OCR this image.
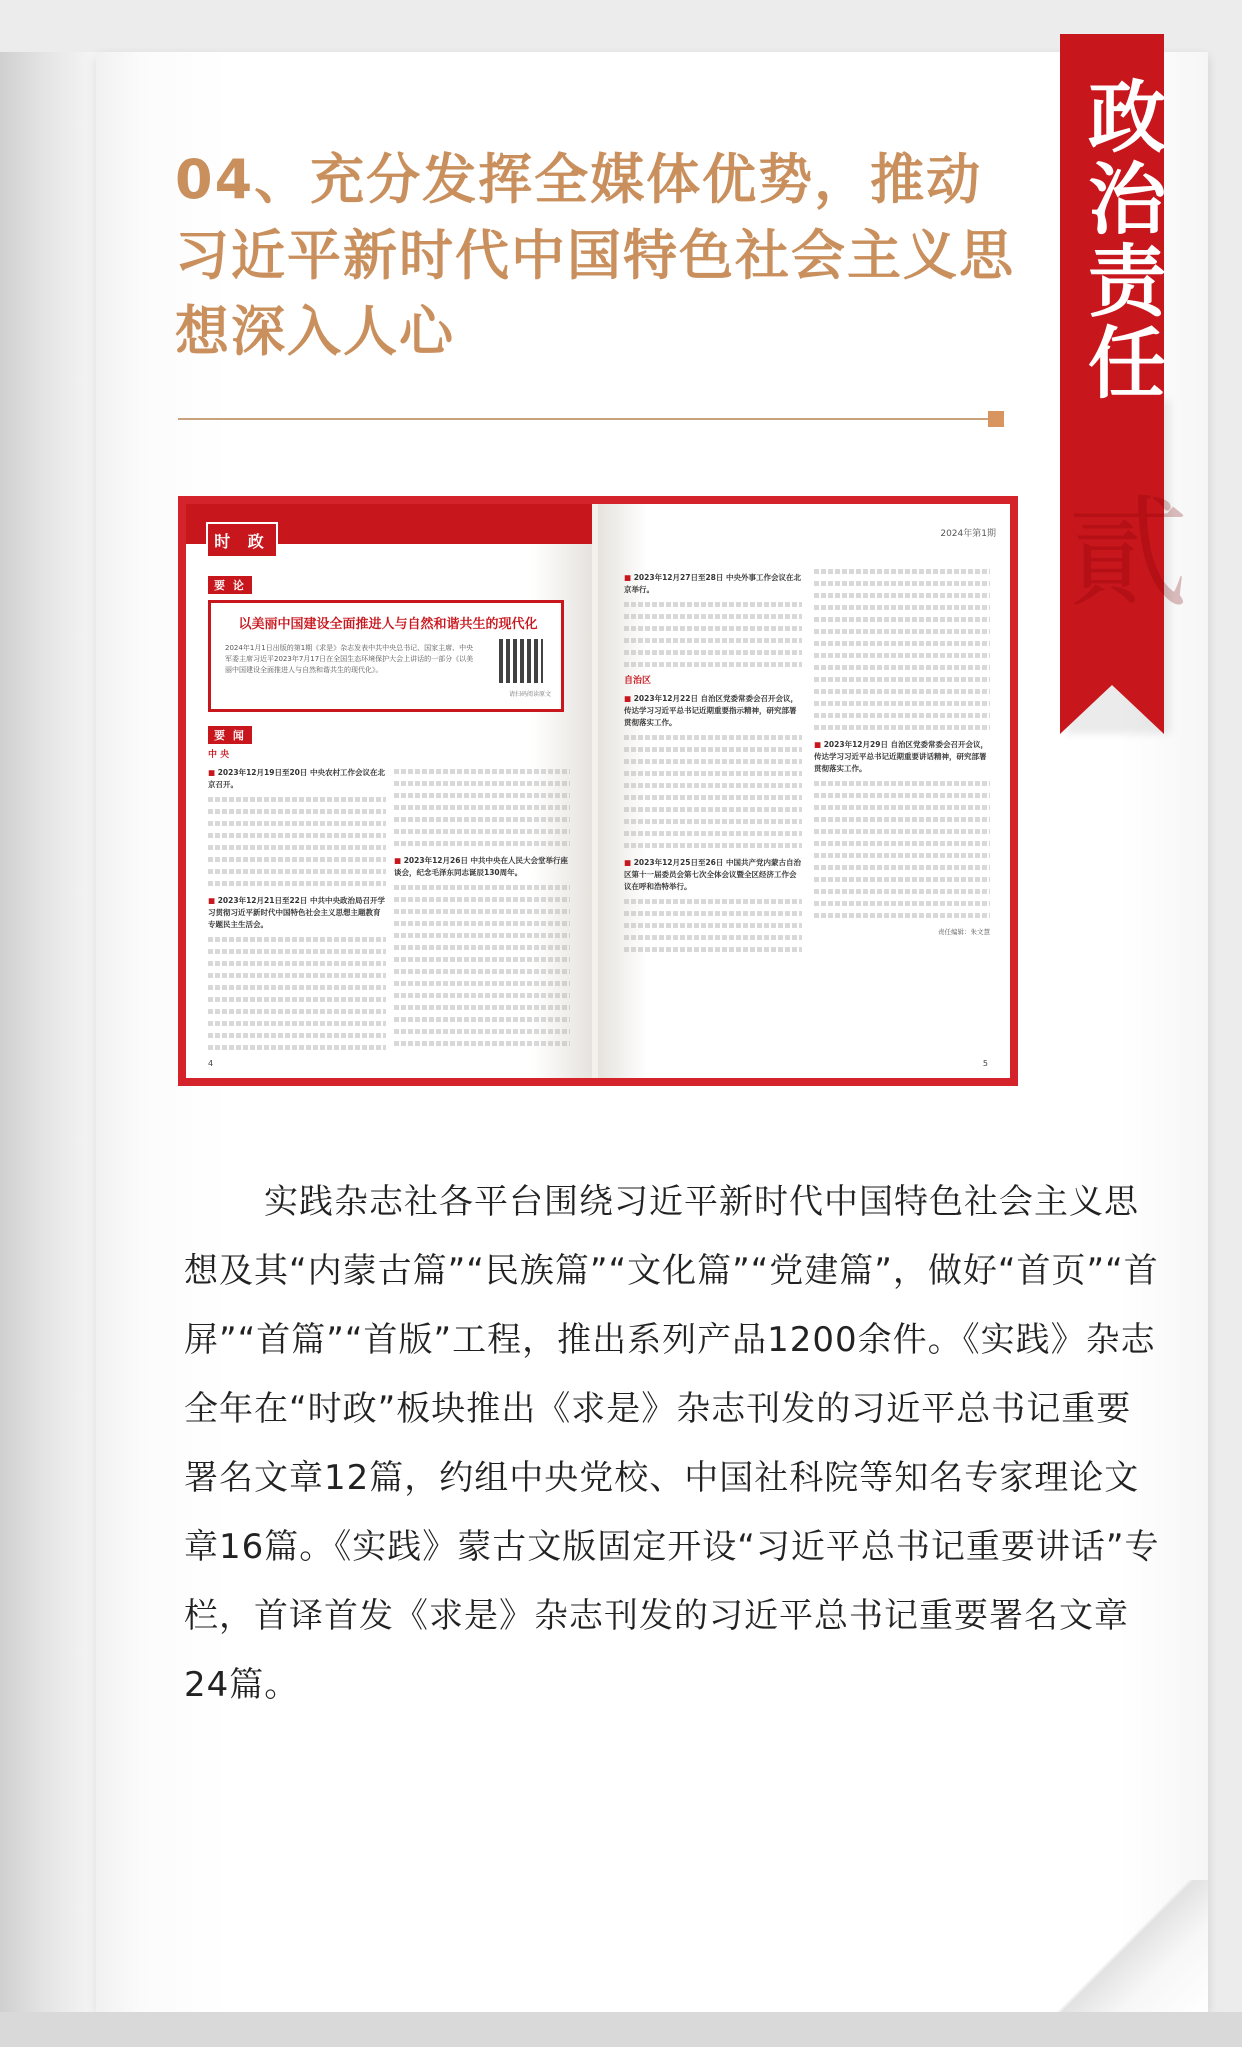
政治责任
貳
04、充分发挥全媒体优势，推动习近平新时代中国特色社会主义思想深入人心
时 政
要 论
以美丽中国建设全面推进人与自然和谐共生的现代化
2024年1月1日出版的第1期《求是》杂志发表中共中央总书记、国家主席、中央军委主席习近平2023年7月17日在全国生态环境保护大会上讲话的一部分《以美丽中国建设全面推进人与自然和谐共生的现代化》。
请扫码阅读原文
要 闻
中 央
■ 2023年12月19日至20日 中央农村工作会议在北京召开。
■ 2023年12月21日至22日 中共中央政治局召开学习贯彻习近平新时代中国特色社会主义思想主题教育专题民主生活会。
■ 2023年12月26日 中共中央在人民大会堂举行座谈会，纪念毛泽东同志诞辰130周年。
4
2024年第1期
■ 2023年12月27日至28日 中央外事工作会议在北京举行。
自治区
■ 2023年12月22日 自治区党委常委会召开会议，传达学习习近平总书记近期重要指示精神，研究部署贯彻落实工作。
■ 2023年12月25日至26日 中国共产党内蒙古自治区第十一届委员会第七次全体会议暨全区经济工作会议在呼和浩特举行。
■ 2023年12月29日 自治区党委常委会召开会议，传达学习习近平总书记近期重要讲话精神，研究部署贯彻落实工作。
责任编辑：朱文慧
5
实践杂志社各平台围绕习近平新时代中国特色社会主义思想及其“内蒙古篇”“民族篇”“文化篇”“党建篇”，做好“首页”“首屏”“首篇”“首版”工程，推出系列产品1200余件。《实践》杂志全年在“时政”板块推出《求是》杂志刊发的习近平总书记重要署名文章12篇，约组中央党校、中国社科院等知名专家理论文章16篇。《实践》蒙古文版固定开设“习近平总书记重要讲话”专栏，首译首发《求是》杂志刊发的习近平总书记重要署名文章24篇。
